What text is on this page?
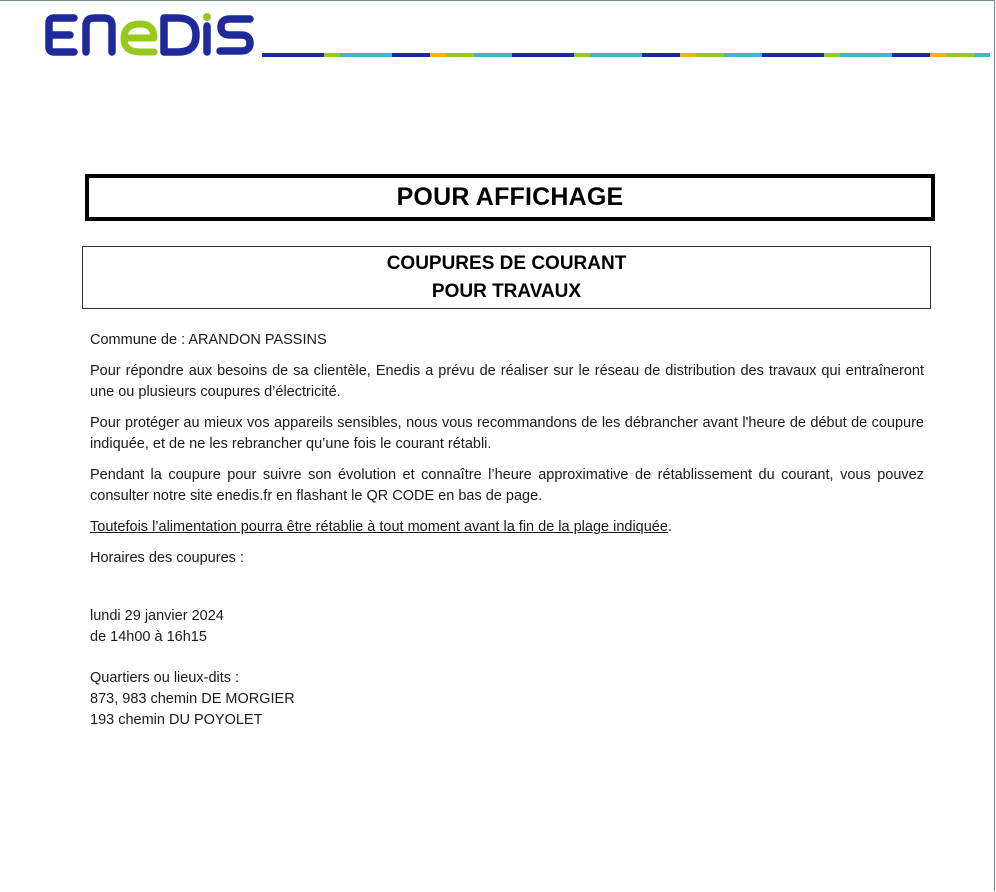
POUR AFFICHAGE
COUPURES DE COURANT
POUR TRAVAUX

Commune de : ARANDON PASSINS

Pour répondre aux besoins de sa clientèle, Enedis a prévu de réaliser sur le réseau de distribution des travaux qui entraîneront une ou plusieurs coupures d’électricité.

Pour protéger au mieux vos appareils sensibles, nous vous recommandons de les débrancher avant l'heure de début de coupure indiquée, et de ne les rebrancher qu’une fois le courant rétabli.

Pendant la coupure pour suivre son évolution et connaître l’heure approximative de rétablissement du courant, vous pouvez consulter notre site enedis.fr en flashant le QR CODE en bas de page.

Toutefois l’alimentation pourra être rétablie à tout moment avant la fin de la plage indiquée.

Horaires des coupures :

lundi 29 janvier 2024
de 14h00 à 16h15
Quartiers ou lieux-dits :
873, 983 chemin DE MORGIER
193 chemin DU POYOLET
